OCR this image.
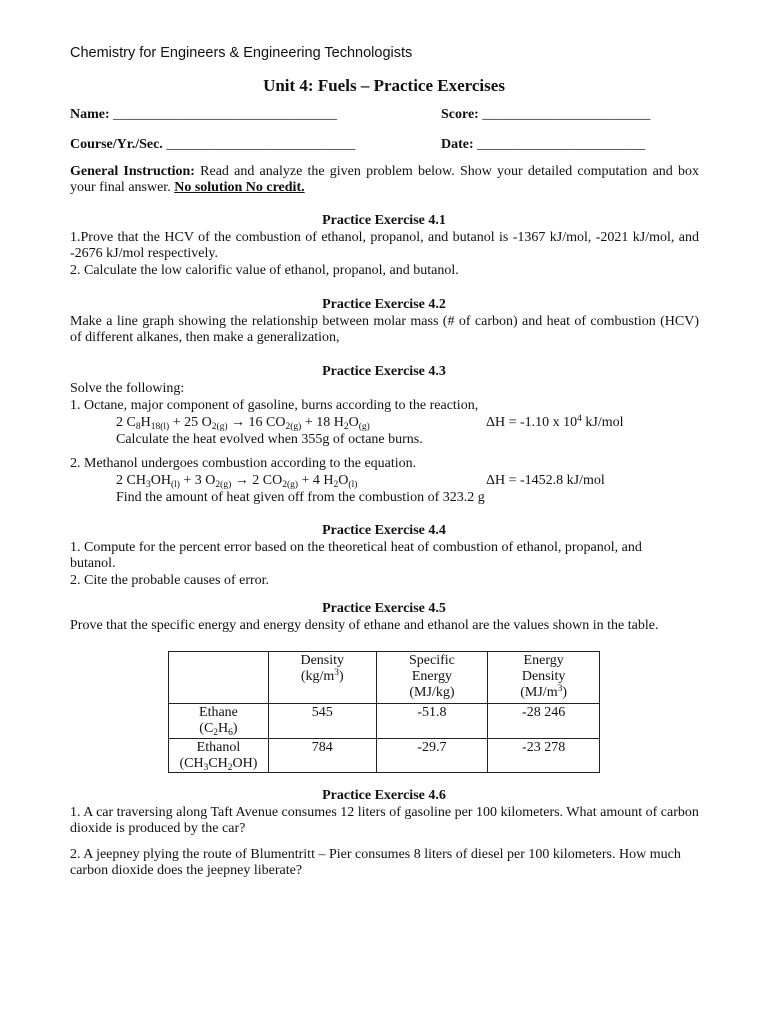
Chemistry for Engineers & Engineering Technologists
Unit 4: Fuels – Practice Exercises
Name: ________________________________	Score: ________________________
Course/Yr./Sec. ___________________________	Date: ________________________
General Instruction: Read and analyze the given problem below. Show your detailed computation and box your final answer. No solution No credit.
Practice Exercise 4.1
1.Prove that the HCV of the combustion of ethanol, propanol, and butanol is -1367 kJ/mol, -2021 kJ/mol, and -2676 kJ/mol respectively.
2. Calculate the low calorific value of ethanol, propanol, and butanol.
Practice Exercise 4.2
Make a line graph showing the relationship between molar mass (# of carbon) and heat of combustion (HCV) of different alkanes, then make a generalization,
Practice Exercise 4.3
Solve the following:
1. Octane, major component of gasoline, burns according to the reaction,
2 $C_8H_{18(l)} + 25$ $O_{2(g)} \to 16$ $CO_{2(g)} + 18$ $H_2O_{(g)}$	ΔH = -1.10 x $10^4$ kJ/mol
Calculate the heat evolved when 355g of octane burns.
2. Methanol undergoes combustion according to the equation.
2 $CH_3OH_{(l)} + 3$ $O_{2(g)} \to 2$ $CO_{2(g)} + 4$ $H_2O_{(l)}$	ΔH = -1452.8 kJ/mol
Find the amount of heat given off from the combustion of 323.2 g
Practice Exercise 4.4
1. Compute for the percent error based on the theoretical heat of combustion of ethanol, propanol, and butanol.
2. Cite the probable causes of error.
Practice Exercise 4.5
Prove that the specific energy and energy density of ethane and ethanol are the values shown in the table.
	Density
$(kg/m^3)$	Specific
Energy
(MJ/kg)	Energy
Density
$(MJ/m^3)$
Ethane
$(C_2H_6)$	545	-51.8	-28 246
Ethanol
$(CH_3CH_2OH)$	784	-29.7	-23 278
Practice Exercise 4.6
1. A car traversing along Taft Avenue consumes 12 liters of gasoline per 100 kilometers. What amount of carbon dioxide is produced by the car?
2. A jeepney plying the route of Blumentritt – Pier consumes 8 liters of diesel per 100 kilometers. How much carbon dioxide does the jeepney liberate?
